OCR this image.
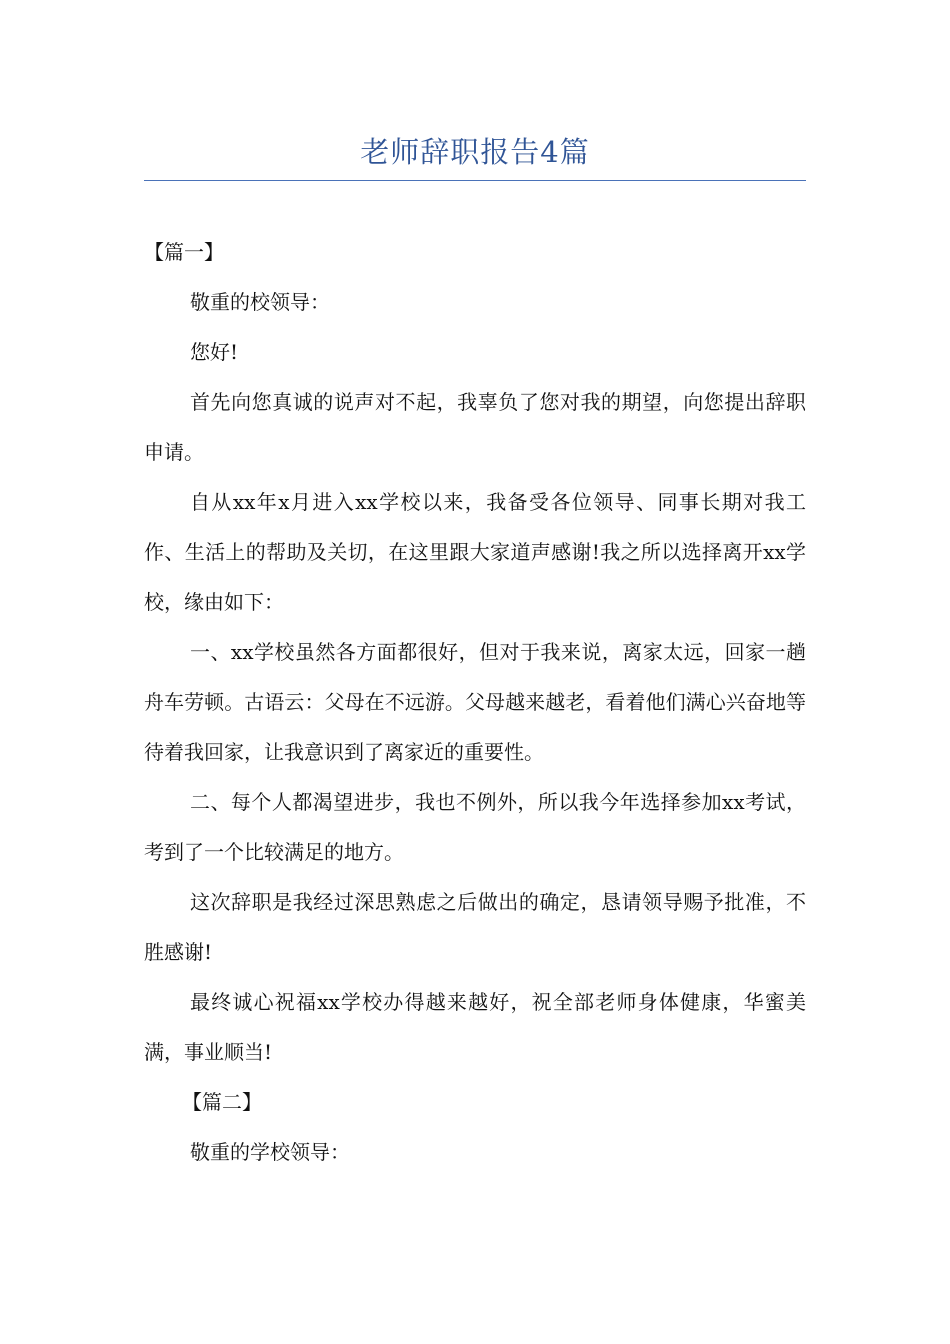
老师辞职报告4篇

【篇一】

敬重的校领导：

您好!

首先向您真诚的说声对不起，我辜负了您对我的期望，向您提出辞职申请。

自从xx年x月进入xx学校以来，我备受各位领导、同事长期对我工作、生活上的帮助及关切，在这里跟大家道声感谢!我之所以选择离开xx学校，缘由如下：

一、xx学校虽然各方面都很好，但对于我来说，离家太远，回家一趟舟车劳顿。古语云：父母在不远游。父母越来越老，看着他们满心兴奋地等待着我回家，让我意识到了离家近的重要性。

二、每个人都渴望进步，我也不例外，所以我今年选择参加xx考试，考到了一个比较满足的地方。

这次辞职是我经过深思熟虑之后做出的确定，恳请领导赐予批准，不胜感谢!

最终诚心祝福xx学校办得越来越好，祝全部老师身体健康，华蜜美满，事业顺当!

【篇二】

敬重的学校领导：
